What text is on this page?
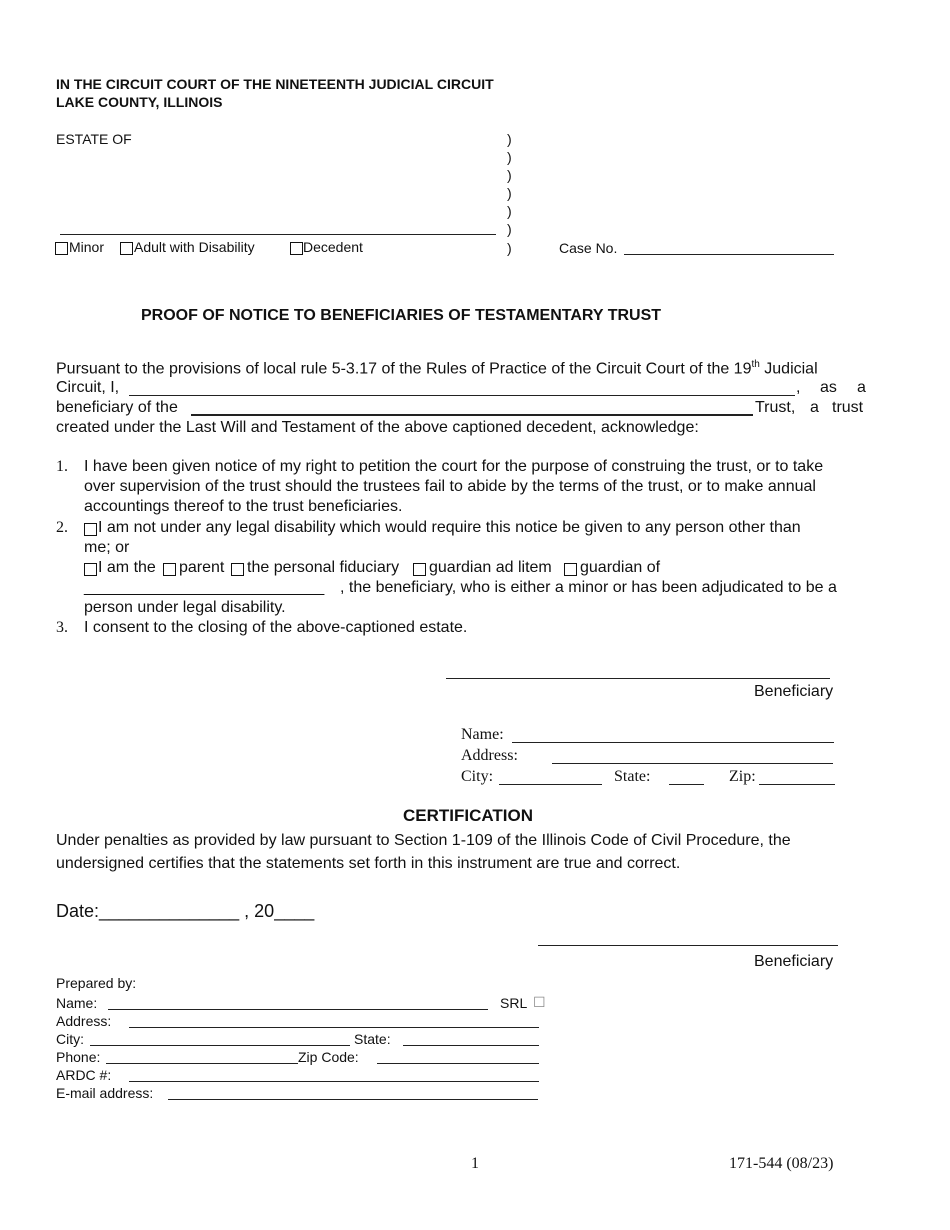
IN THE CIRCUIT COURT OF THE NINETEENTH JUDICIAL CIRCUIT
LAKE COUNTY, ILLINOIS
ESTATE OF	)
)
)
)
)
)
)
Minor Adult with Disability	Decedent	Case No.
PROOF OF NOTICE TO BENEFICIARIES OF TESTAMENTARY TRUST
Pursuant to the provisions of local rule 5-3.17 of the Rules of Practice of the Circuit Court of the 19th Judicial
Circuit, I,	, as a
beneficiary of the	Trust, a trust
created under the Last Will and Testament of the above captioned decedent, acknowledge:
1. I have been given notice of my right to petition the court for the purpose of construing the trust, or to take
over supervision of the trust should the trustees fail to abide by the terms of the trust, or to make annual
accountings thereof to the trust beneficiaries.
2. I am not under any legal disability which would require this notice be given to any person other than
me; or
I am the parent the personal fiduciary guardian ad litem guardian of
___________________________ , the beneficiary, who is either a minor or has been adjudicated to be a
person under legal disability.
3. I consent to the closing of the above-captioned estate.
Beneficiary
Name:
Address:
City:	State:	Zip:
CERTIFICATION
Under penalties as provided by law pursuant to Section 1-109 of the Illinois Code of Civil Procedure, the
undersigned certifies that the statements set forth in this instrument are true and correct.
Date:______________ , 20____
Beneficiary
Prepared by:
Name:	SRL ☐
Address:
City:	State:
Phone:	Zip Code:
ARDC #:
E-mail address:
1	171-544 (08/23)
